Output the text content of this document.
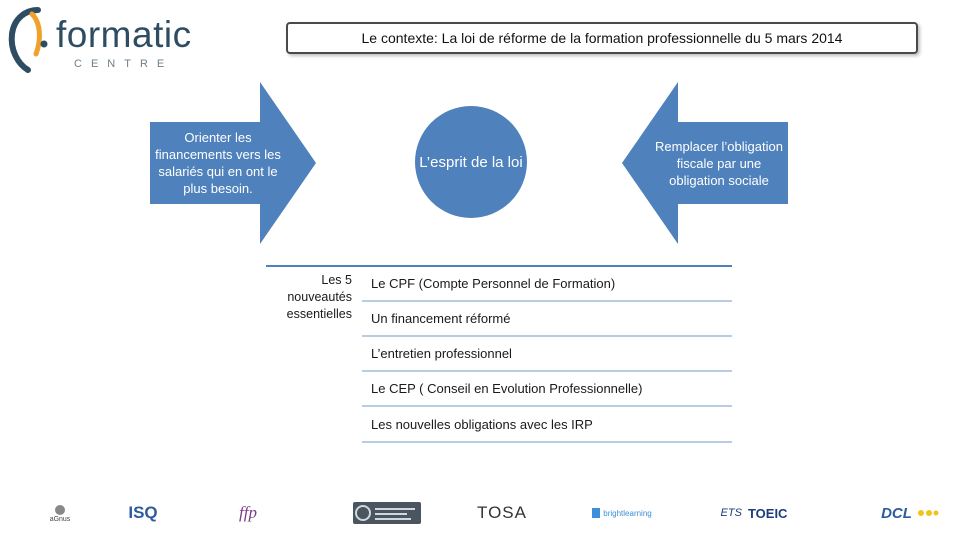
formatic
CENTRE
Le contexte: La loi de réforme de la formation professionnelle du 5 mars 2014
Orienter les financements vers les salariés qui en ont le plus besoin.
Remplacer l’obligation fiscale par une obligation sociale
L’esprit de la loi
Les 5 nouveautés essentielles
Le CPF (Compte Personnel de Formation)
Un financement réformé
L’entretien professionnel
Le CEP ( Conseil en Evolution Professionnelle)
Les nouvelles obligations avec les IRP
aGnus	ISQ	ffp	TOSA	brightlearning	ETS TOEIC	DCL
